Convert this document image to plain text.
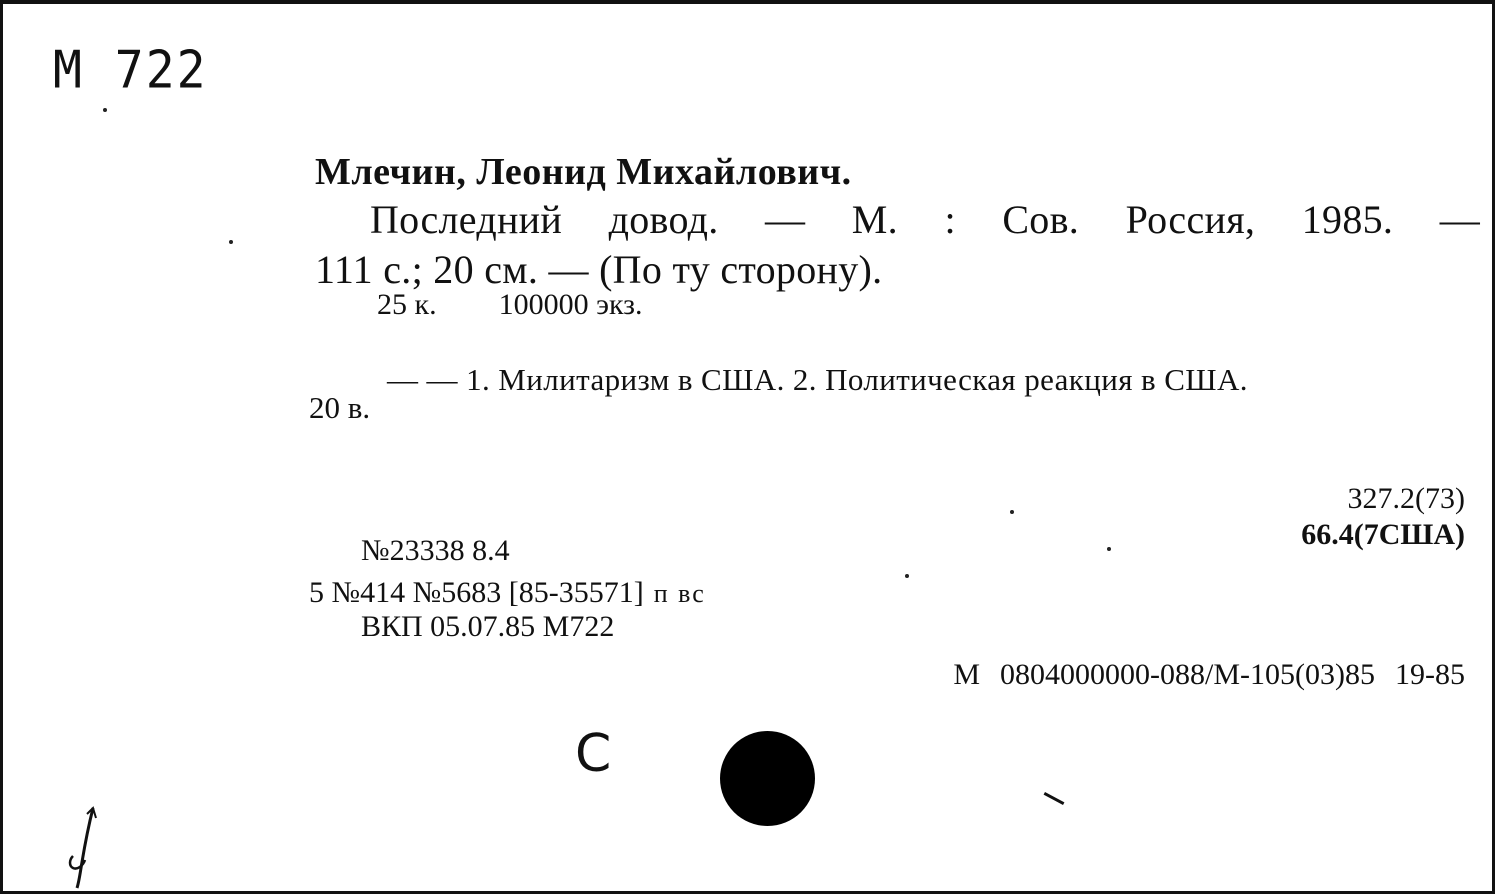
М 722
Млечин, Леонид Михайлович.
Последний довод. — М. : Сов. Россия, 1985. —
111 с.; 20 см. — (По ту сторону).
25 к. 100000 экз.
— — 1. Милитаризм в США. 2. Политическая реакция в США.
20 в.
327.2(73)
66.4(7США)
№23338 8.4
5 №414 №5683 [85-35571] п вс
ВКП 05.07.85 М722
М 0804000000-088/М-105(03)85 19-85
С
